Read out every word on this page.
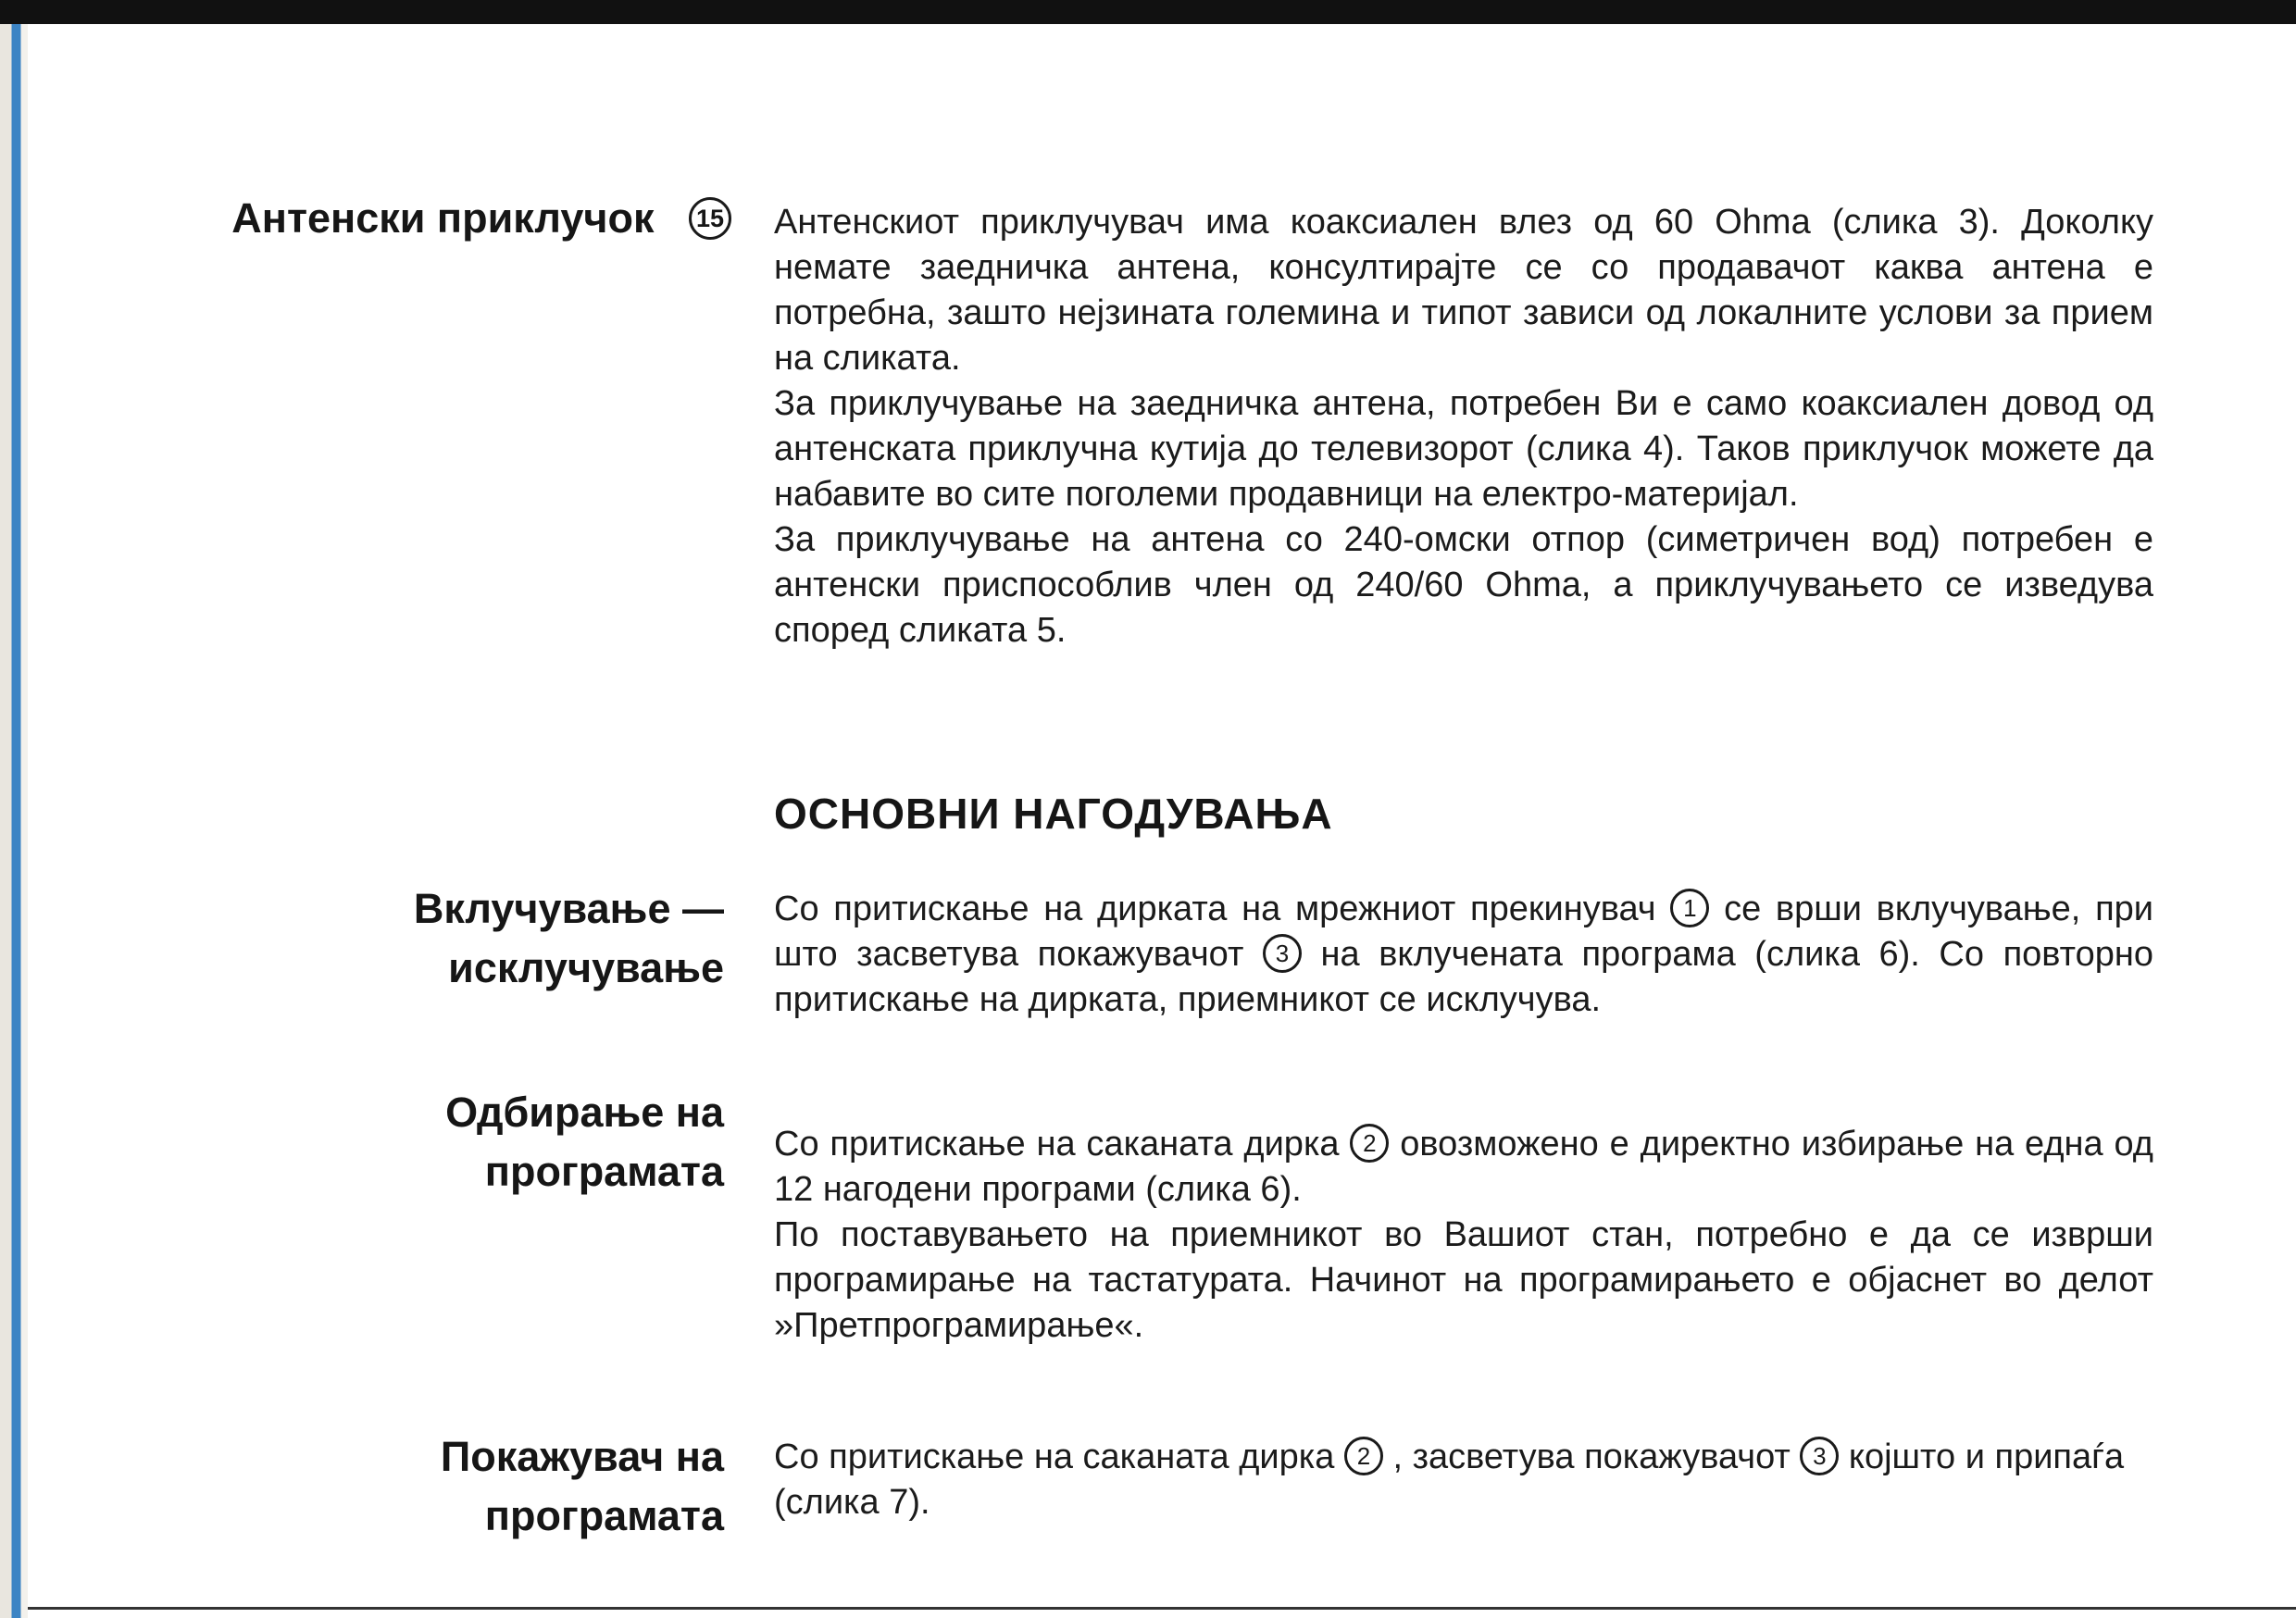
Антенски приклучок 15 Антенскиот приклучувач има коаксиален влез од 60 Ohma (слика 3). Доколку немате заедничка антена, консултирајте се со продавачот каква антена е потребна, зашто нејзината големина и типот зависи од локалните услови за прием на сликата.

За приклучување на заедничка антена, потребен Ви е само коаксиален довод од антенската приклучна кутија до телевизорот (слика 4). Таков приклучок можете да набавите во сите поголеми продавници на електро-материјал.

За приклучување на антена со 240-омски отпор (симетричен вод) потребен е антенски приспособлив член од 240/60 Ohma, а приклучувањето се изведува според сликата 5.

ОСНОВНИ НАГОДУВАЊА
Вклучување —
исклучување

Со притискање на дирката на мрежниот прекинувач 1 се врши вклучување, при што засветува покажувачот 3 на вклучената програма (слика 6). Со повторно притискање на дирката, приемникот се исклучува.

Одбирање на
програмата

Со притискање на саканата дирка 2 овозможено е директно избирање на една од 12 нагодени програми (слика 6).

По поставувањето на приемникот во Вашиот стан, потребно е да се изврши програмирање на тастатурата. Начинот на програмирањето е објаснет во делот »Претпрограмирање«.

Покажувач на
програмата

Со притискање на саканата дирка 2 , засветува покажувачот 3 којшто и припаѓа (слика 7).
